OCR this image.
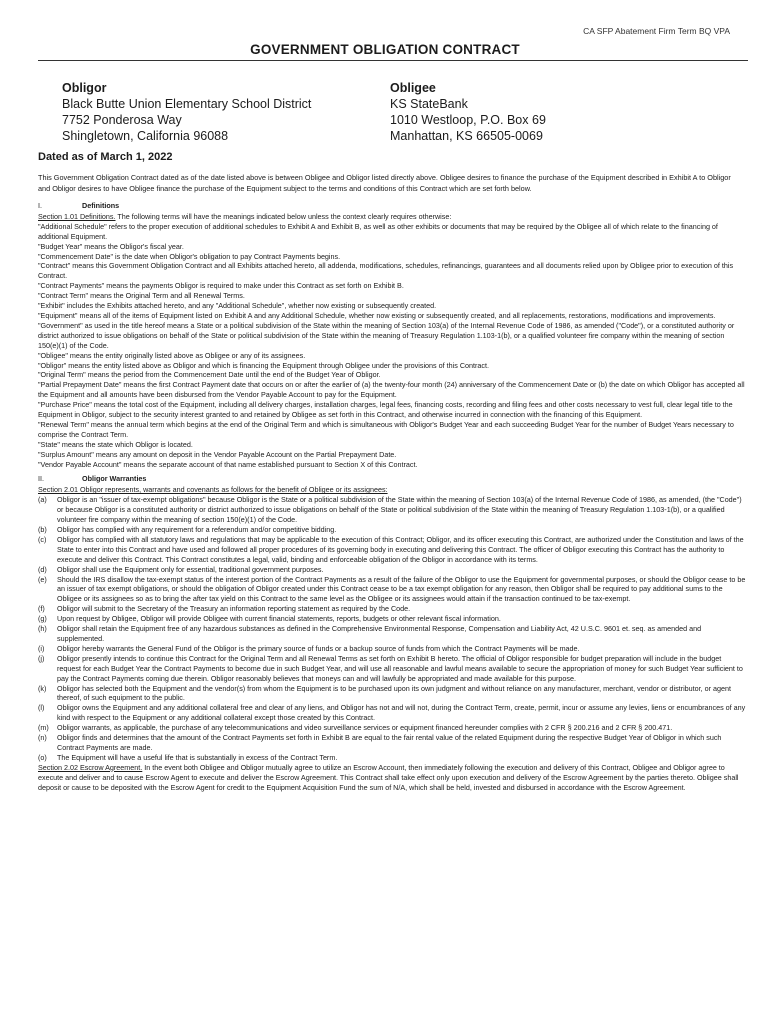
CA SFP Abatement Firm Term BQ VPA
GOVERNMENT OBLIGATION CONTRACT
Obligor
Black Butte Union Elementary School District
7752 Ponderosa Way
Shingletown, California 96088
Obligee
KS StateBank
1010 Westloop, P.O. Box 69
Manhattan, KS 66505-0069
Dated as of March 1, 2022

This Government Obligation Contract dated as of the date listed above is between Obligee and Obligor listed directly above. Obligee desires to finance the purchase of the Equipment described in Exhibit A to Obligor and Obligor desires to have Obligee finance the purchase of the Equipment subject to the terms and conditions of this Contract which are set forth below.

I.	Definitions

Section 1.01 Definitions. The following terms will have the meanings indicated below unless the context clearly requires otherwise:

"Additional Schedule" refers to the proper execution of additional schedules to Exhibit A and Exhibit B, as well as other exhibits or documents that may be required by the Obligee all of which relate to the financing of additional Equipment.

"Budget Year" means the Obligor's fiscal year.

"Commencement Date" is the date when Obligor's obligation to pay Contract Payments begins.

"Contract" means this Government Obligation Contract and all Exhibits attached hereto, all addenda, modifications, schedules, refinancings, guarantees and all documents relied upon by Obligee prior to execution of this Contract.

"Contract Payments" means the payments Obligor is required to make under this Contract as set forth on Exhibit B.

"Contract Term" means the Original Term and all Renewal Terms.

"Exhibit" includes the Exhibits attached hereto, and any "Additional Schedule", whether now existing or subsequently created.

"Equipment" means all of the items of Equipment listed on Exhibit A and any Additional Schedule, whether now existing or subsequently created, and all replacements, restorations, modifications and improvements.

"Government" as used in the title hereof means a State or a political subdivision of the State within the meaning of Section 103(a) of the Internal Revenue Code of 1986, as amended ("Code"), or a constituted authority or district authorized to issue obligations on behalf of the State or political subdivision of the State within the meaning of Treasury Regulation 1.103-1(b), or a qualified volunteer fire company within the meaning of section 150(e)(1) of the Code.

"Obligee" means the entity originally listed above as Obligee or any of its assignees.

"Obligor" means the entity listed above as Obligor and which is financing the Equipment through Obligee under the provisions of this Contract.

"Original Term" means the period from the Commencement Date until the end of the Budget Year of Obligor.

"Partial Prepayment Date" means the first Contract Payment date that occurs on or after the earlier of (a) the twenty-four month (24) anniversary of the Commencement Date or (b) the date on which Obligor has accepted all the Equipment and all amounts have been disbursed from the Vendor Payable Account to pay for the Equipment.

"Purchase Price" means the total cost of the Equipment, including all delivery charges, installation charges, legal fees, financing costs, recording and filing fees and other costs necessary to vest full, clear legal title to the Equipment in Obligor, subject to the security interest granted to and retained by Obligee as set forth in this Contract, and otherwise incurred in connection with the financing of this Equipment.

"Renewal Term" means the annual term which begins at the end of the Original Term and which is simultaneous with Obligor's Budget Year and each succeeding Budget Year for the number of Budget Years necessary to comprise the Contract Term.

"State" means the state which Obligor is located.

"Surplus Amount" means any amount on deposit in the Vendor Payable Account on the Partial Prepayment Date.

"Vendor Payable Account" means the separate account of that name established pursuant to Section X of this Contract.

II.	Obligor Warranties

Section 2.01 Obligor represents, warrants and covenants as follows for the benefit of Obligee or its assignees:

(a)	Obligor is an "issuer of tax-exempt obligations" because Obligor is the State or a political subdivision of the State within the meaning of Section 103(a) of the Internal Revenue Code of 1986, as amended, (the "Code") or because Obligor is a constituted authority or district authorized to issue obligations on behalf of the State or political subdivision of the State within the meaning of Treasury Regulation 1.103-1(b), or a qualified volunteer fire company within the meaning of section 150(e)(1) of the Code.
(b)	Obligor has complied with any requirement for a referendum and/or competitive bidding.
(c)	Obligor has complied with all statutory laws and regulations that may be applicable to the execution of this Contract; Obligor, and its officer executing this Contract, are authorized under the Constitution and laws of the State to enter into this Contract and have used and followed all proper procedures of its governing body in executing and delivering this Contract. The officer of Obligor executing this Contract has the authority to execute and deliver this Contract. This Contract constitutes a legal, valid, binding and enforceable obligation of the Obligor in accordance with its terms.
(d)	Obligor shall use the Equipment only for essential, traditional government purposes.
(e)	Should the IRS disallow the tax-exempt status of the interest portion of the Contract Payments as a result of the failure of the Obligor to use the Equipment for governmental purposes, or should the Obligor cease to be an issuer of tax exempt obligations, or should the obligation of Obligor created under this Contract cease to be a tax exempt obligation for any reason, then Obligor shall be required to pay additional sums to the Obligee or its assignees so as to bring the after tax yield on this Contract to the same level as the Obligee or its assignees would attain if the transaction continued to be tax-exempt.
(f)	Obligor will submit to the Secretary of the Treasury an information reporting statement as required by the Code.
(g)	Upon request by Obligee, Obligor will provide Obligee with current financial statements, reports, budgets or other relevant fiscal information.
(h)	Obligor shall retain the Equipment free of any hazardous substances as defined in the Comprehensive Environmental Response, Compensation and Liability Act, 42 U.S.C. 9601 et. seq. as amended and supplemented.
(i)	Obligor hereby warrants the General Fund of the Obligor is the primary source of funds or a backup source of funds from which the Contract Payments will be made.
(j)	Obligor presently intends to continue this Contract for the Original Term and all Renewal Terms as set forth on Exhibit B hereto. The official of Obligor responsible for budget preparation will include in the budget request for each Budget Year the Contract Payments to become due in such Budget Year, and will use all reasonable and lawful means available to secure the appropriation of money for such Budget Year sufficient to pay the Contract Payments coming due therein. Obligor reasonably believes that moneys can and will lawfully be appropriated and made available for this purpose.
(k)	Obligor has selected both the Equipment and the vendor(s) from whom the Equipment is to be purchased upon its own judgment and without reliance on any manufacturer, merchant, vendor or distributor, or agent thereof, of such equipment to the public.
(l)	Obligor owns the Equipment and any additional collateral free and clear of any liens, and Obligor has not and will not, during the Contract Term, create, permit, incur or assume any levies, liens or encumbrances of any kind with respect to the Equipment or any additional collateral except those created by this Contract.
(m)	Obligor warrants, as applicable, the purchase of any telecommunications and video surveillance services or equipment financed hereunder complies with 2 CFR § 200.216 and 2 CFR § 200.471.
(n)	Obligor finds and determines that the amount of the Contract Payments set forth in Exhibit B are equal to the fair rental value of the related Equipment during the respective Budget Year of Obligor in which such Contract Payments are made.
(o)	The Equipment will have a useful life that is substantially in excess of the Contract Term.

Section 2.02 Escrow Agreement. In the event both Obligee and Obligor mutually agree to utilize an Escrow Account, then immediately following the execution and delivery of this Contract, Obligee and Obligor agree to execute and deliver and to cause Escrow Agent to execute and deliver the Escrow Agreement. This Contract shall take effect only upon execution and delivery of the Escrow Agreement by the parties thereto. Obligee shall deposit or cause to be deposited with the Escrow Agent for credit to the Equipment Acquisition Fund the sum of N/A, which shall be held, invested and disbursed in accordance with the Escrow Agreement.
